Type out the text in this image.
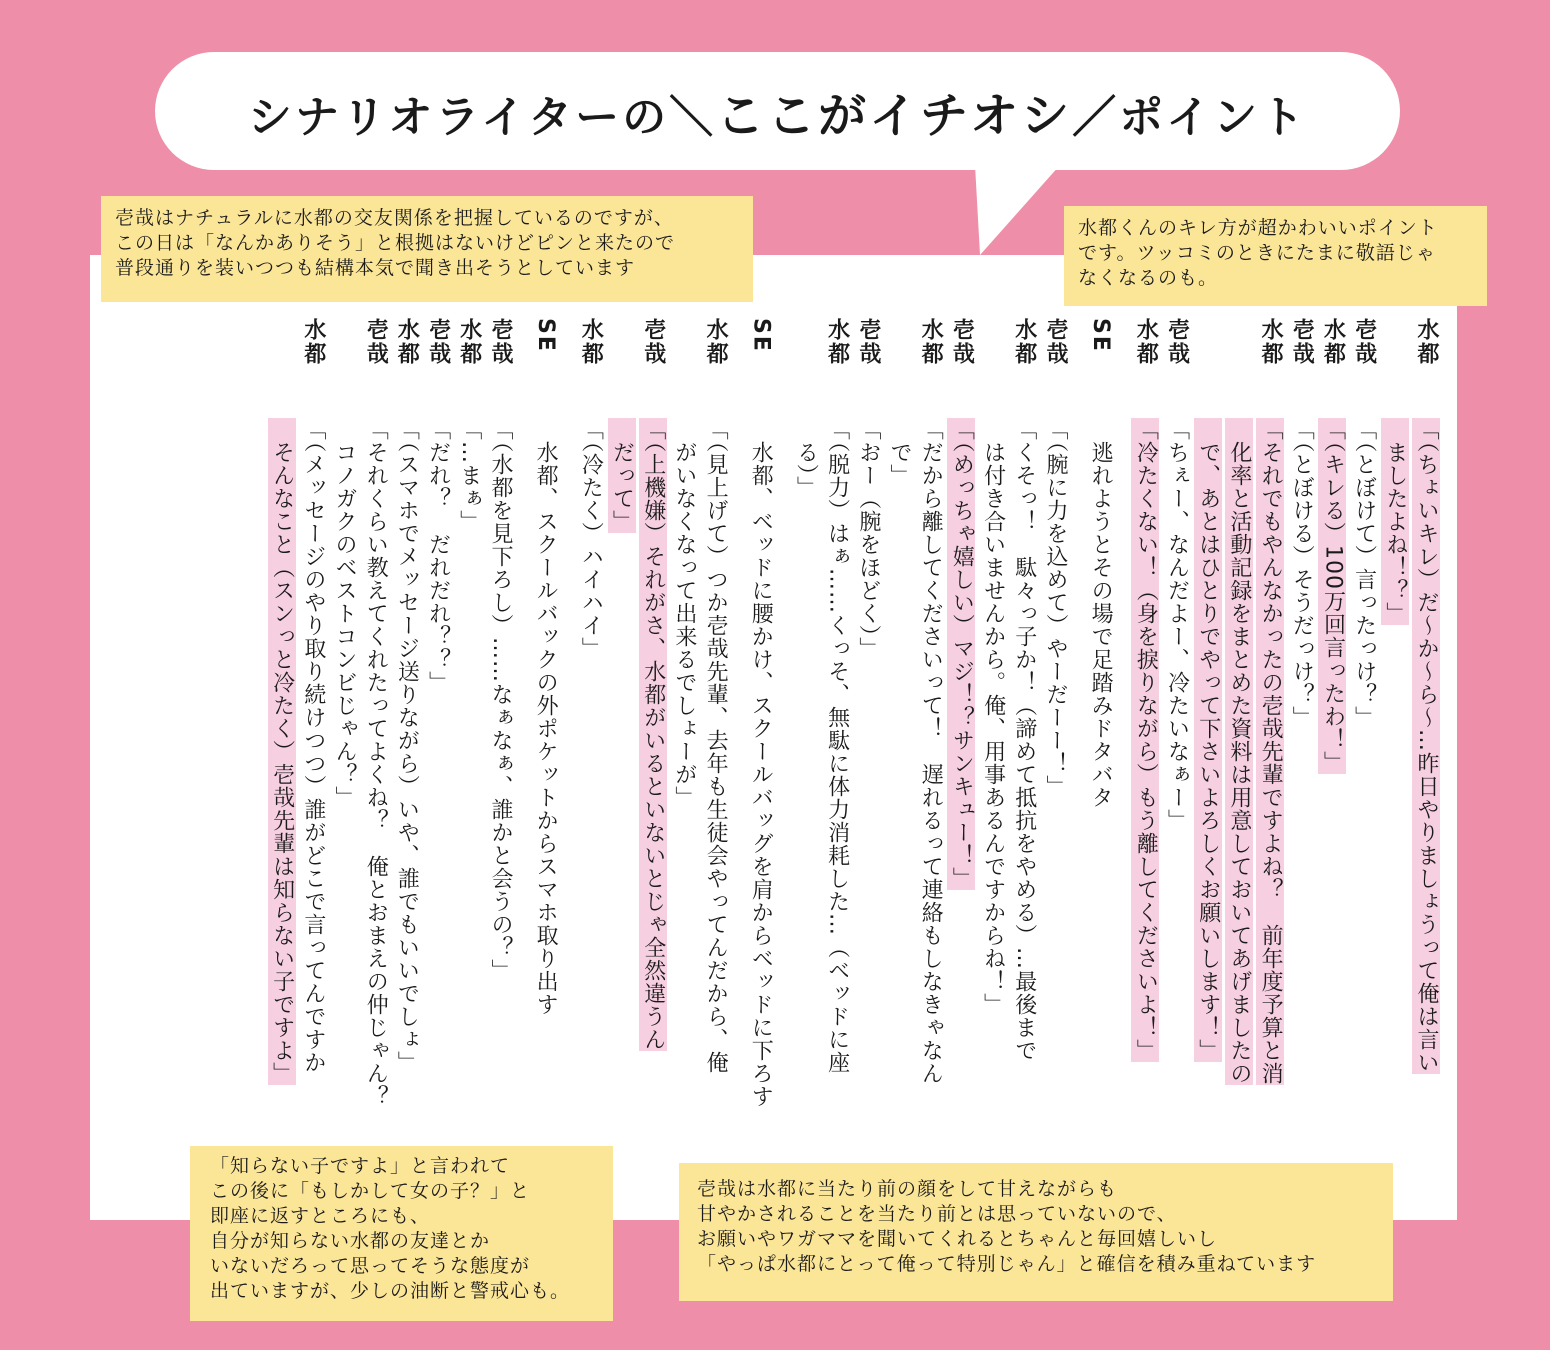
シナリオライターの＼ここがイチオシ／ポイント
水都
「（ちょいキレ）だ〜か〜ら〜…昨日やりましょうって俺は言い
　ましたよね！？」
壱哉
「（とぼけて）言ったっけ？」
水都
「（キレる）100万回言ったわ！」
壱哉
「（とぼける）そうだっけ？」
水都
「それでもやんなかったの壱哉先輩ですよね？　前年度予算と消
　化率と活動記録をまとめた資料は用意しておいてあげましたの
　で、あとはひとりでやって下さいよろしくお願いします！」
壱哉
「ちぇー、なんだよー、冷たいなぁー」
水都
「冷たくない！（身を捩りながら）もう離してくださいよ！」
SE
　逃れようとその場で足踏みドタバタ
壱哉
「（腕に力を込めて）やーだーー！」
水都
「くそっ！　駄々っ子か！（諦めて抵抗をやめる）…最後まで
　は付き合いませんから。俺、用事あるんですからね！」
壱哉
「（めっちゃ嬉しい）マジ！？サンキュー！」
水都
「だから離してくださいって！　遅れるって連絡もしなきゃなん
　で」
壱哉
「おー（腕をほどく）」
水都
「（脱力）はぁ……くっそ、無駄に体力消耗した…（ベッドに座
　る）」
SE
　水都、ベッドに腰かけ、スクールバッグを肩からベッドに下ろす
水都
「（見上げて）つか壱哉先輩、去年も生徒会やってんだから、俺
　がいなくなって出来るでしょーが」
壱哉
「（上機嫌）それがさ、水都がいるといないとじゃ全然違うん
　だって」
水都
「（冷たく）ハイハイ」
SE
　水都、スクールバックの外ポケットからスマホ取り出す
壱哉
「（水都を見下ろし）……なぁなぁ、誰かと会うの？」
水都
「…まぁ」
壱哉
「だれ？　だれだれ？？」
水都
「（スマホでメッセージ送りながら）いや、誰でもいいでしょ」
壱哉
「それくらい教えてくれたってよくね？　俺とおまえの仲じゃん？
　コノガクのベストコンビじゃん？」
水都
「（メッセージのやり取り続けつつ）誰がどこで言ってんですか
　そんなこと（スンっと冷たく）壱哉先輩は知らない子ですよ」
壱哉はナチュラルに水都の交友関係を把握しているのですが、
この日は「なんかありそう」と根拠はないけどピンと来たので
普段通りを装いつつも結構本気で聞き出そうとしています
水都くんのキレ方が超かわいいポイント
です。ツッコミのときにたまに敬語じゃ
なくなるのも。
「知らない子ですよ」と言われて
この後に「もしかして女の子？」と
即座に返すところにも、
自分が知らない水都の友達とか
いないだろって思ってそうな態度が
出ていますが、少しの油断と警戒心も。
壱哉は水都に当たり前の顔をして甘えながらも
甘やかされることを当たり前とは思っていないので、
お願いやワガママを聞いてくれるとちゃんと毎回嬉しいし
「やっぱ水都にとって俺って特別じゃん」と確信を積み重ねています
